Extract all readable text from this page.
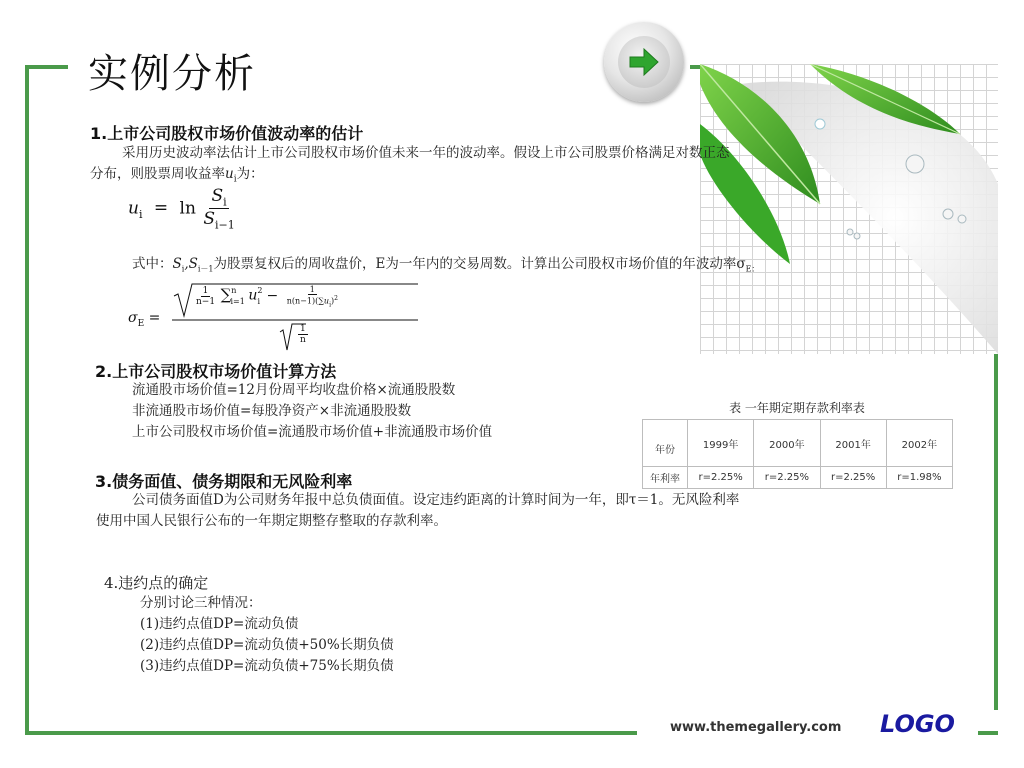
实例分析
1.上市公司股权市场价值波动率的估计
采用历史波动率法估计上市公司股权市场价值未来一年的波动率。假设上市公司股票价格满足对数正态
分布，则股票周收益率$u_i$为：
$u_i = \ln \frac{S_i}{S_{i-1}}$
式中：$S_i,S_{i-1}$为股票复权后的周收盘价，E为一年内的交易周数。计算出公司股权市场价值的年波动率$\sigma_{E:}$
$\sigma_E$ =
$\frac{1}{n-1} \sum^n_{i=1}$ $u^2_i - \frac{1}{n(n-1)(\sum u_i)^2}$
$\frac{1}{n}$
2.上市公司股权市场价值计算方法
流通股市场价值=12月份周平均收盘价格×流通股股数
非流通股市场价值=每股净资产×非流通股股数
上市公司股权市场价值=流通股市场价值+非流通股市场价值
表 一年期定期存款利率表
年份	1999年	2000年	2001年	2002年
年利率	r=2.25%	r=2.25%	r=2.25%	r=1.98%
3.债务面值、债务期限和无风险利率
公司债务面值D为公司财务年报中总负债面值。设定违约距离的计算时间为一年，即τ＝1。无风险利率
使用中国人民银行公布的一年期定期整存整取的存款利率。
4.违约点的确定
分别讨论三种情况：
(1)违约点值DP=流动负债
(2)违约点值DP=流动负债+50%长期负债
(3)违约点值DP=流动负债+75%长期负债
www.themegallery.com LOGO
